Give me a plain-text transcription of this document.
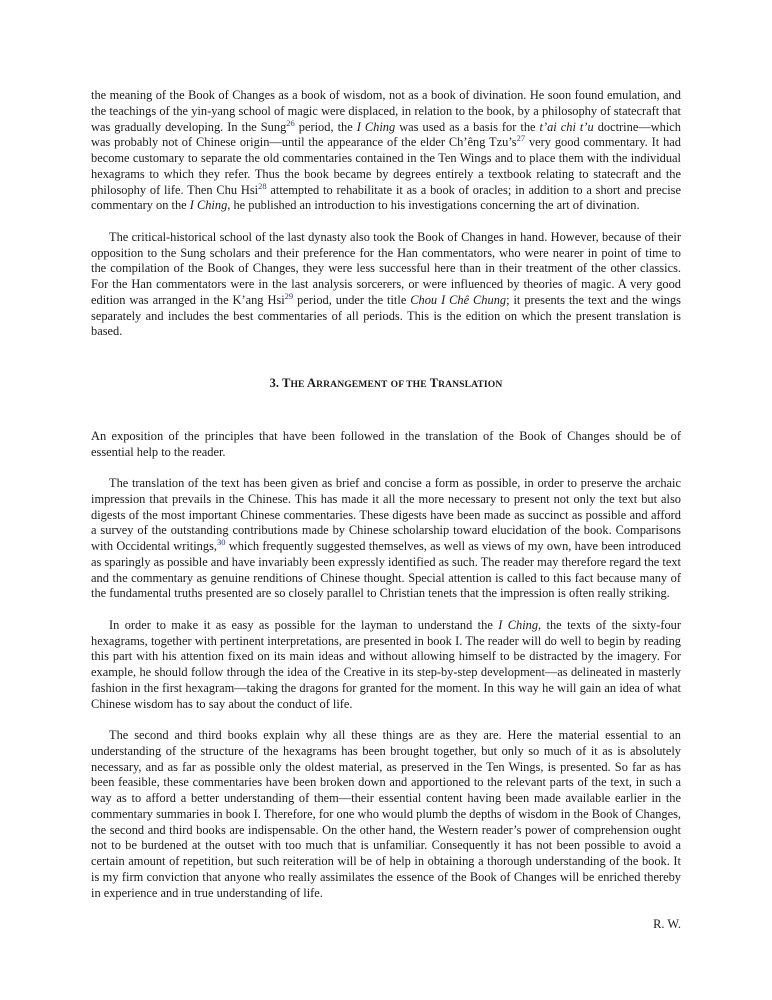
the meaning of the Book of Changes as a book of wisdom, not as a book of divination. He soon found emulation, and the teachings of the yin-yang school of magic were displaced, in relation to the book, by a philosophy of statecraft that was gradually developing. In the Sung$^{26}$ period, the I Ching was used as a basis for the t’ai chi t’u doctrine—which was probably not of Chinese origin—until the appearance of the elder Ch’êng $Tzu’s^{27}$ very good commentary. It had become customary to separate the old commentaries contained in the Ten Wings and to place them with the individual hexagrams to which they refer. Thus the book became by degrees entirely a textbook relating to statecraft and the philosophy of life. Then Chu Hsi$^{28}$ attempted to rehabilitate it as a book of oracles; in addition to a short and precise commentary on the I Ching, he published an introduction to his investigations concerning the art of divination.

The critical-historical school of the last dynasty also took the Book of Changes in hand. However, because of their opposition to the Sung scholars and their preference for the Han commentators, who were nearer in point of time to the compilation of the Book of Changes, they were less successful here than in their treatment of the other classics. For the Han commentators were in the last analysis sorcerers, or were influenced by theories of magic. A very good edition was arranged in the K’ang Hsi$^{29}$ period, under the title Chou I Chê Chung; it presents the text and the wings separately and includes the best commentaries of all periods. This is the edition on which the present translation is based.

3. THE ARRANGEMENT OF THE TRANSLATION

An exposition of the principles that have been followed in the translation of the Book of Changes should be of essential help to the reader.

The translation of the text has been given as brief and concise a form as possible, in order to preserve the archaic impression that prevails in the Chinese. This has made it all the more necessary to present not only the text but also digests of the most important Chinese commentaries. These digests have been made as succinct as possible and afford a survey of the outstanding contributions made by Chinese scholarship toward elucidation of the book. Comparisons with Occidental writings,$^{30}$ which frequently suggested themselves, as well as views of my own, have been introduced as sparingly as possible and have invariably been expressly identified as such. The reader may therefore regard the text and the commentary as genuine renditions of Chinese thought. Special attention is called to this fact because many of the fundamental truths presented are so closely parallel to Christian tenets that the impression is often really striking.

In order to make it as easy as possible for the layman to understand the I Ching, the texts of the sixty-four hexagrams, together with pertinent interpretations, are presented in book I. The reader will do well to begin by reading this part with his attention fixed on its main ideas and without allowing himself to be distracted by the imagery. For example, he should follow through the idea of the Creative in its step-by-step development—as delineated in masterly fashion in the first hexagram—taking the dragons for granted for the moment. In this way he will gain an idea of what Chinese wisdom has to say about the conduct of life.

The second and third books explain why all these things are as they are. Here the material essential to an understanding of the structure of the hexagrams has been brought together, but only so much of it as is absolutely necessary, and as far as possible only the oldest material, as preserved in the Ten Wings, is presented. So far as has been feasible, these commentaries have been broken down and apportioned to the relevant parts of the text, in such a way as to afford a better understanding of them—their essential content having been made available earlier in the commentary summaries in book I. Therefore, for one who would plumb the depths of wisdom in the Book of Changes, the second and third books are indispensable. On the other hand, the Western reader’s power of comprehension ought not to be burdened at the outset with too much that is unfamiliar. Consequently it has not been possible to avoid a certain amount of repetition, but such reiteration will be of help in obtaining a thorough understanding of the book. It is my firm conviction that anyone who really assimilates the essence of the Book of Changes will be enriched thereby in experience and in true understanding of life.

R. W.
